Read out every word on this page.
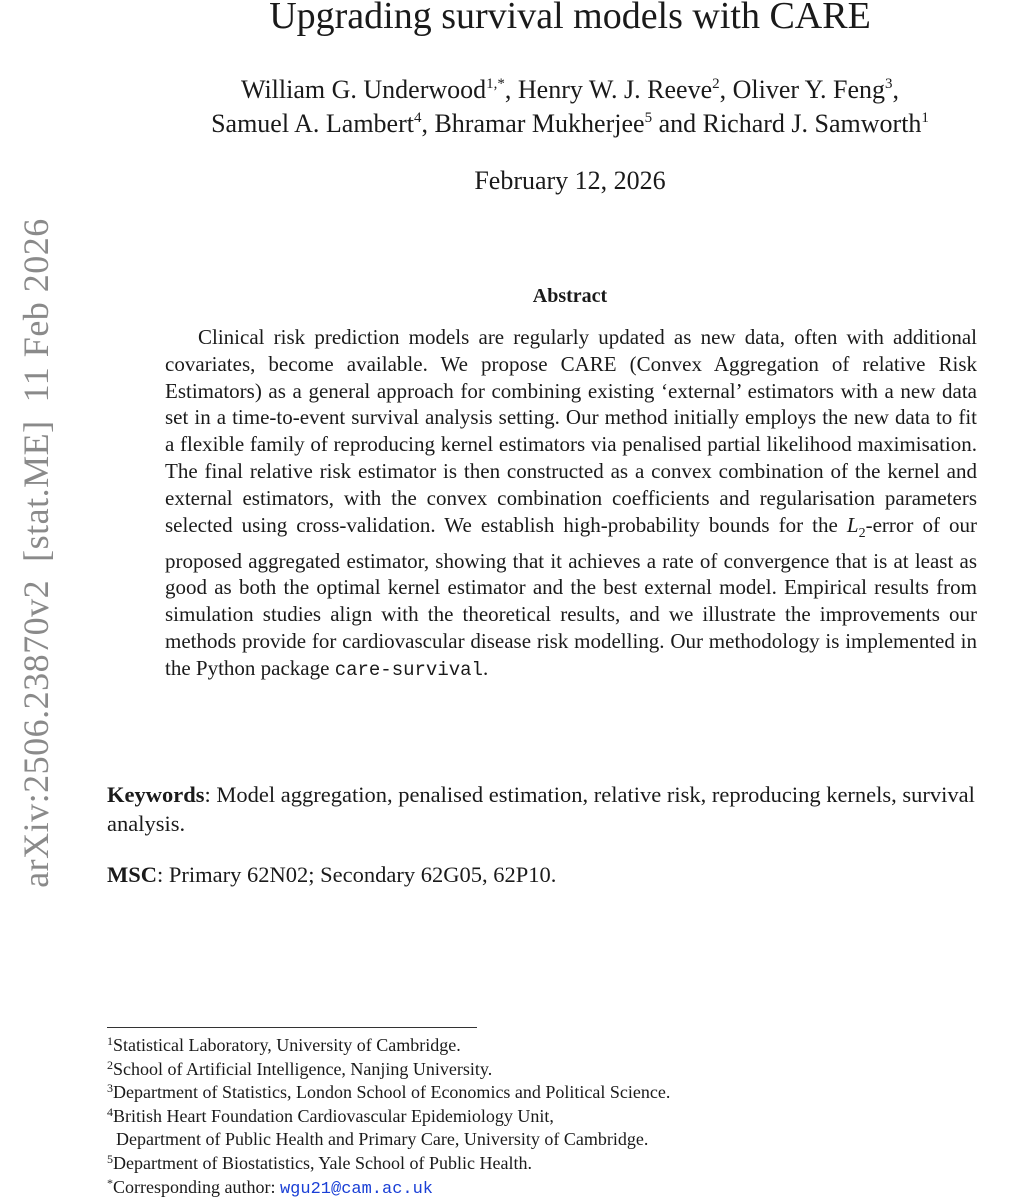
arXiv:2506.23870v2[stat.ME]11 Feb 2026
Upgrading survival models with CARE
William G. Underwood$^{1,*}$, Henry W. J. Reeve$^2$, Oliver Y. Feng$^3$,
Samuel A. Lambert$^4$, Bhramar Mukherjee$^5$ and Richard J. Samworth$^1$
February 12, 2026
Abstract
Clinical risk prediction models are regularly updated as new data, often with additional covariates, become available. We propose CARE (Convex Aggregation of relative Risk Estimators) as a general approach for combining existing ‘external’ estimators with a new data set in a time-to-event survival analysis setting. Our method initially employs the new data to fit a flexible family of reproducing kernel estimators via penalised partial likelihood maximisation. The final relative risk estimator is then constructed as a convex combination of the kernel and external estimators, with the convex combination coefficients and regularisation parameters selected using cross-validation. We establish high-probability bounds for the $L_2$-error of our proposed aggregated estimator, showing that it achieves a rate of convergence that is at least as good as both the optimal kernel estimator and the best external model. Empirical results from simulation studies align with the theoretical results, and we illustrate the improvements our methods provide for cardiovascular disease risk modelling. Our methodology is implemented in the Python package care-survival.
Keywords: Model aggregation, penalised estimation, relative risk, reproducing kernels, survival analysis.
MSC: Primary 62N02; Secondary 62G05, 62P10.
$^1$Statistical Laboratory, University of Cambridge.
$^2$School of Artificial Intelligence, Nanjing University.
$^3$Department of Statistics, London School of Economics and Political Science.
$^4$British Heart Foundation Cardiovascular Epidemiology Unit,
Department of Public Health and Primary Care, University of Cambridge.
$^5$Department of Biostatistics, Yale School of Public Health.
*Corresponding author: wgu21@cam.ac.uk
